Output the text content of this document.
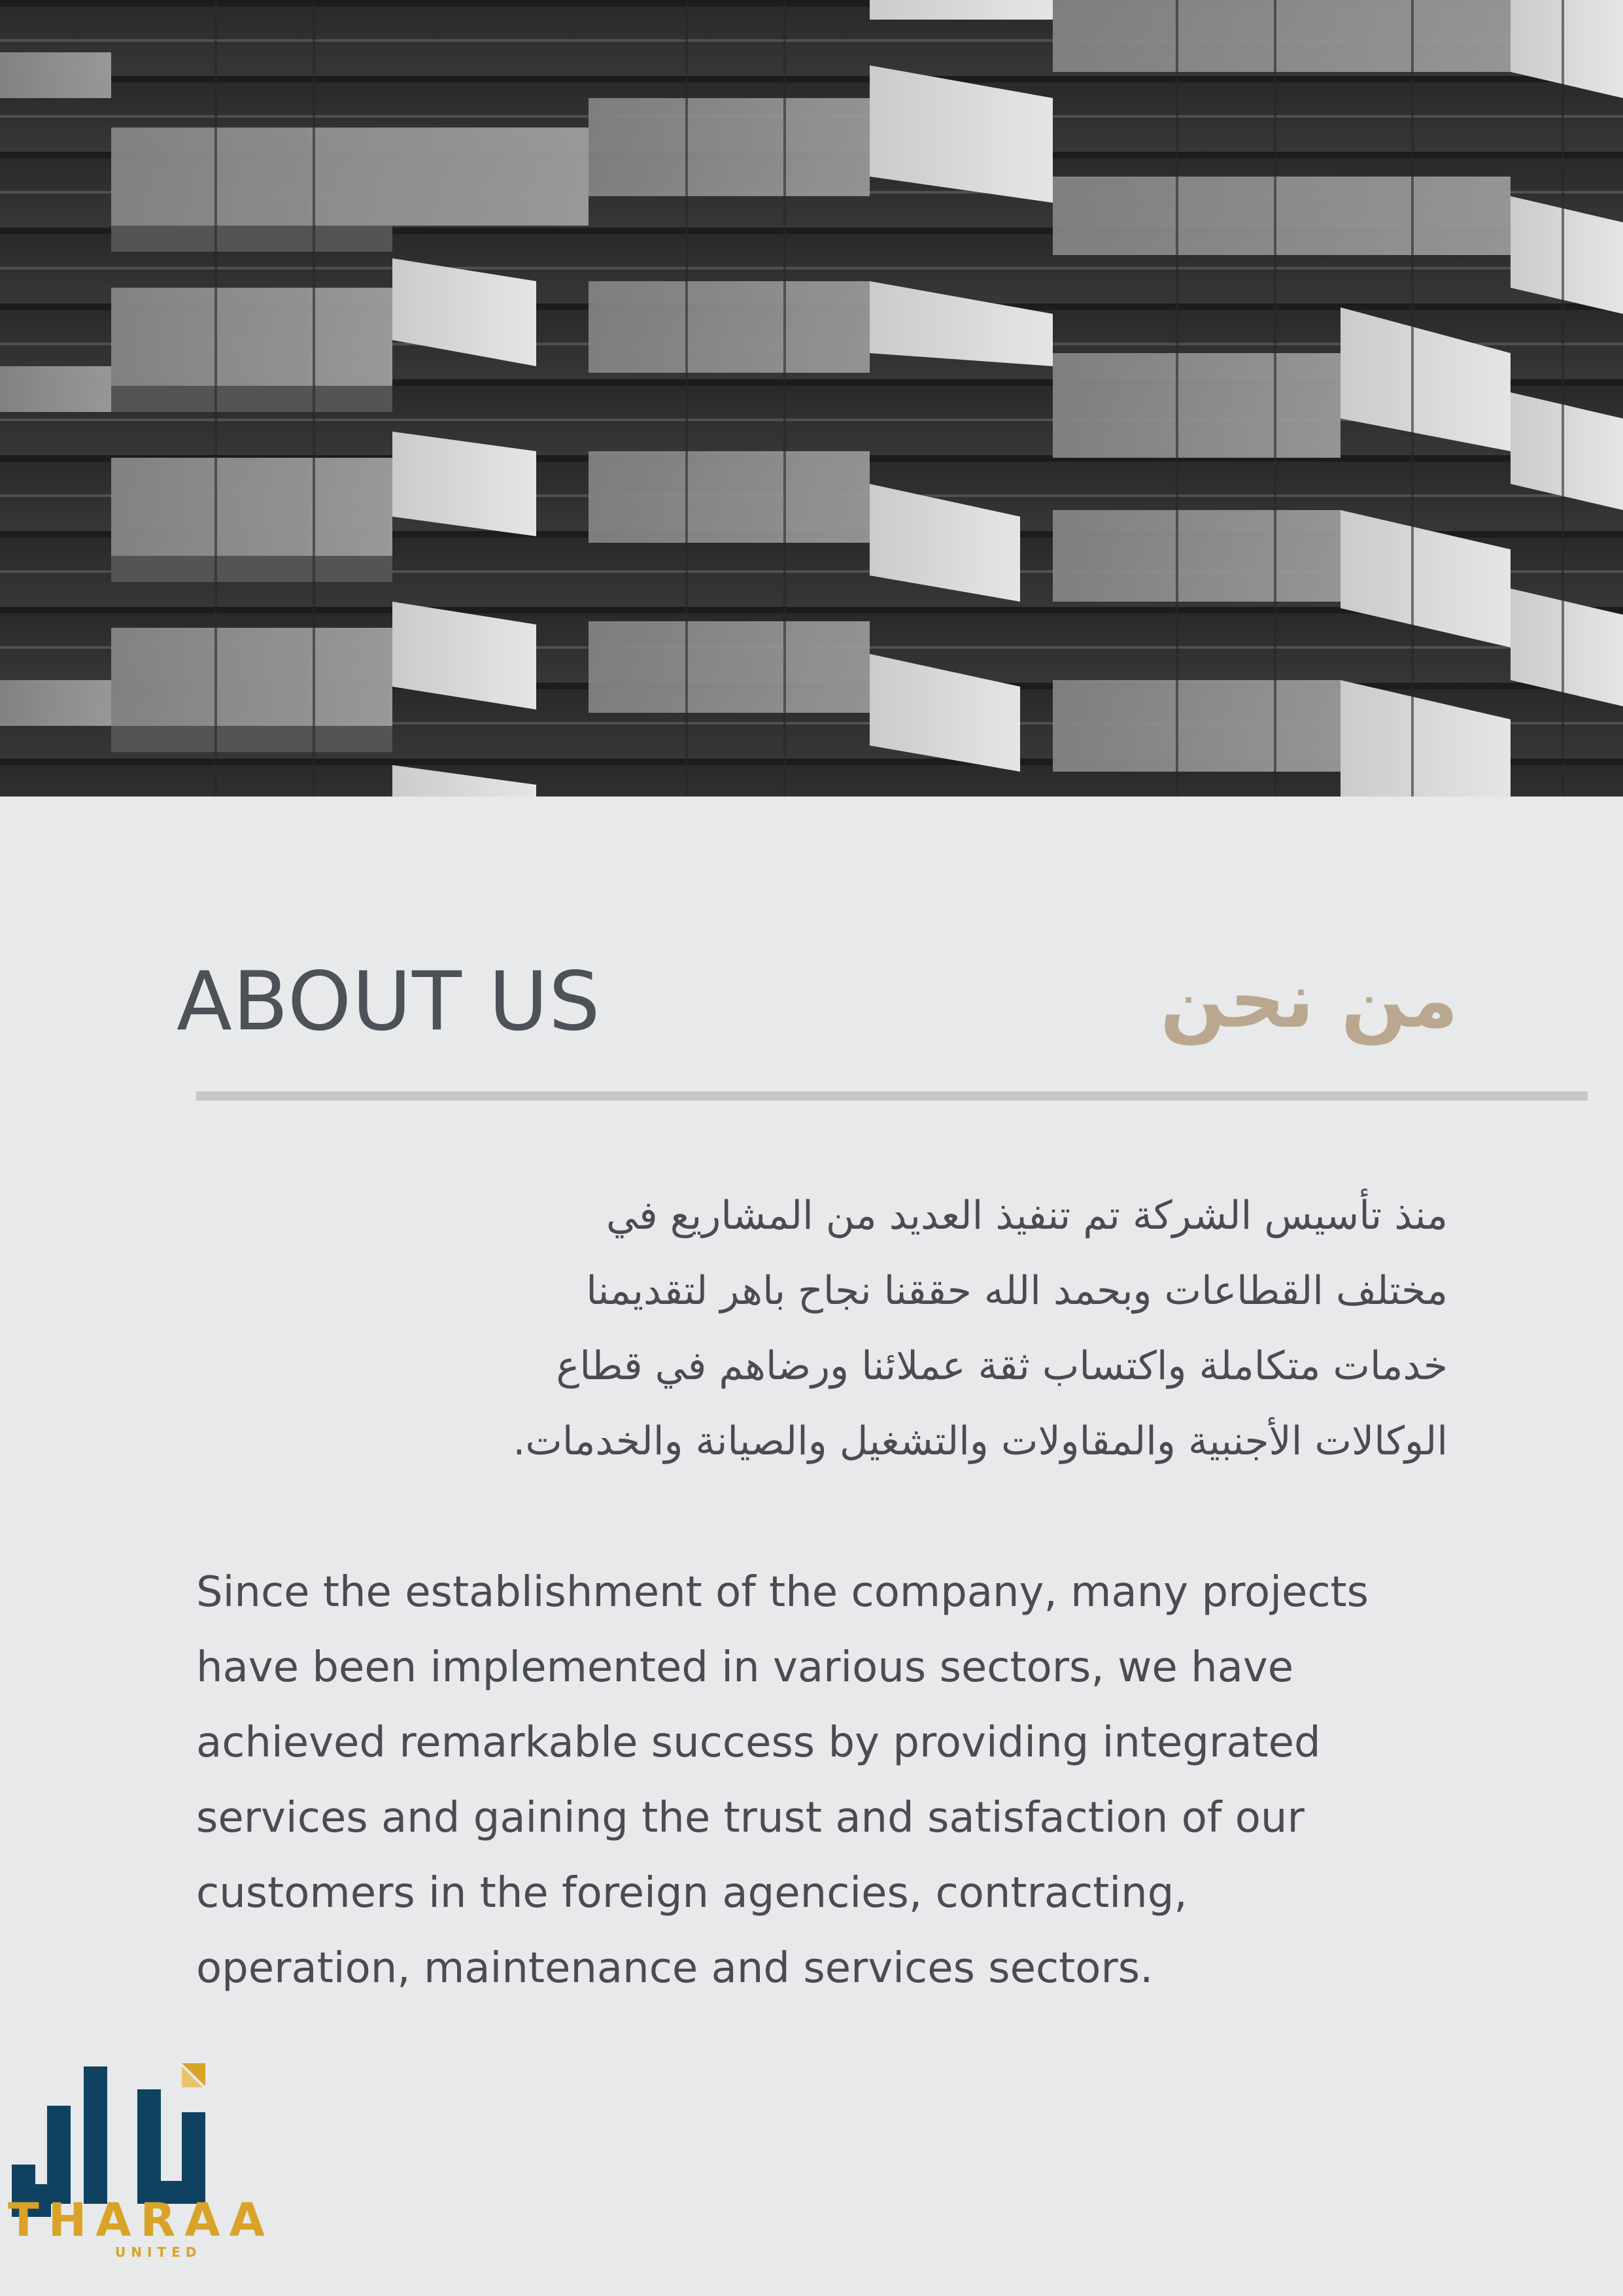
ABOUT US	من نحن

منذ تأسيس الشركة تم تنفيذ العديد من المشاريع في
مختلف القطاعات وبحمد الله حققنا نجاح باهر لتقديمنا
خدمات متكاملة واكتساب ثقة عملائنا ورضاهم في قطاع
الوكالات الأجنبية والمقاولات والتشغيل والصيانة والخدمات.

Since the establishment of the company, many projects
have been implemented in various sectors, we have
achieved remarkable success by providing integrated
services and gaining the trust and satisfaction of our
customers in the foreign agencies, contracting,
operation, maintenance and services sectors.

THARAA
UNITED
